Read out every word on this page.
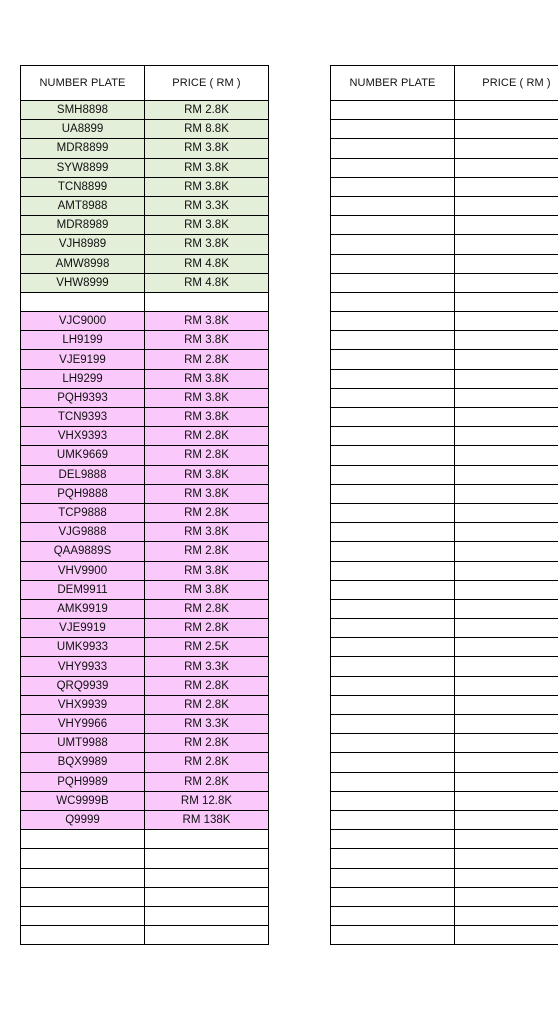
NUMBER PLATE	PRICE ( RM )
SMH8898	RM 2.8K
UA8899	RM 8.8K
MDR8899	RM 3.8K
SYW8899	RM 3.8K
TCN8899	RM 3.8K
AMT8988	RM 3.3K
MDR8989	RM 3.8K
VJH8989	RM 3.8K
AMW8998	RM 4.8K
VHW8999	RM 4.8K
VJC9000	RM 3.8K
LH9199	RM 3.8K
VJE9199	RM 2.8K
LH9299	RM 3.8K
PQH9393	RM 3.8K
TCN9393	RM 3.8K
VHX9393	RM 2.8K
UMK9669	RM 2.8K
DEL9888	RM 3.8K
PQH9888	RM 3.8K
TCP9888	RM 2.8K
VJG9888	RM 3.8K
QAA9889S	RM 2.8K
VHV9900	RM 3.8K
DEM9911	RM 3.8K
AMK9919	RM 2.8K
VJE9919	RM 2.8K
UMK9933	RM 2.5K
VHY9933	RM 3.3K
QRQ9939	RM 2.8K
VHX9939	RM 2.8K
VHY9966	RM 3.3K
UMT9988	RM 2.8K
BQX9989	RM 2.8K
PQH9989	RM 2.8K
WC9999B	RM 12.8K
Q9999	RM 138K
NUMBER PLATE	PRICE ( RM )
